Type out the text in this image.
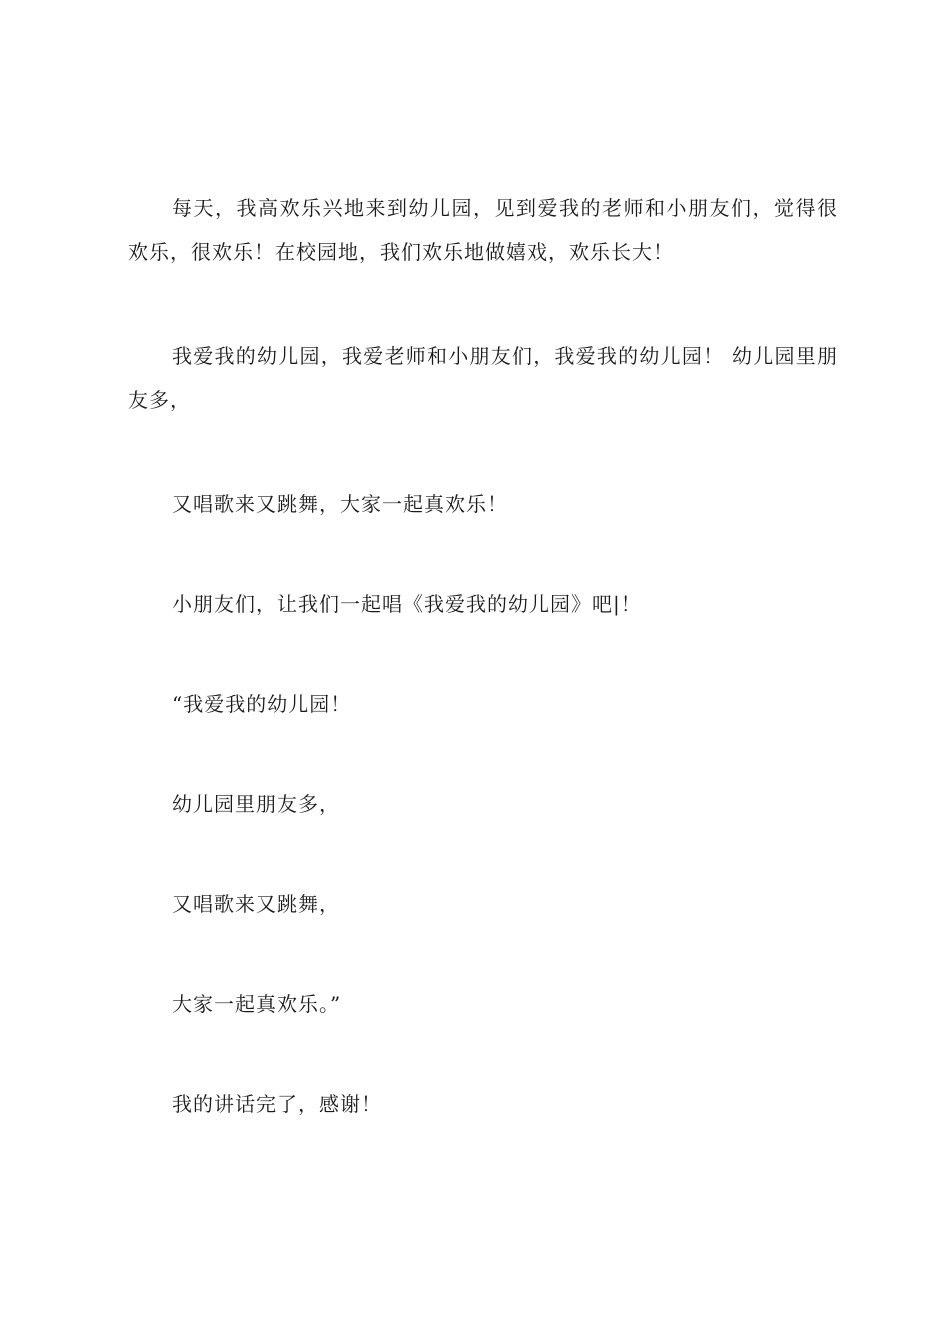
每天，我高欢乐兴地来到幼儿园，见到爱我的老师和小朋友们，觉得很欢乐，很欢乐！在校园地，我们欢乐地做嬉戏，欢乐长大！

我爱我的幼儿园，我爱老师和小朋友们，我爱我的幼儿园！ 幼儿园里朋友多，

又唱歌来又跳舞，大家一起真欢乐！

小朋友们，让我们一起唱《我爱我的幼儿园》吧|！

“我爱我的幼儿园！

幼儿园里朋友多，

又唱歌来又跳舞，

大家一起真欢乐。”

我的讲话完了，感谢！
